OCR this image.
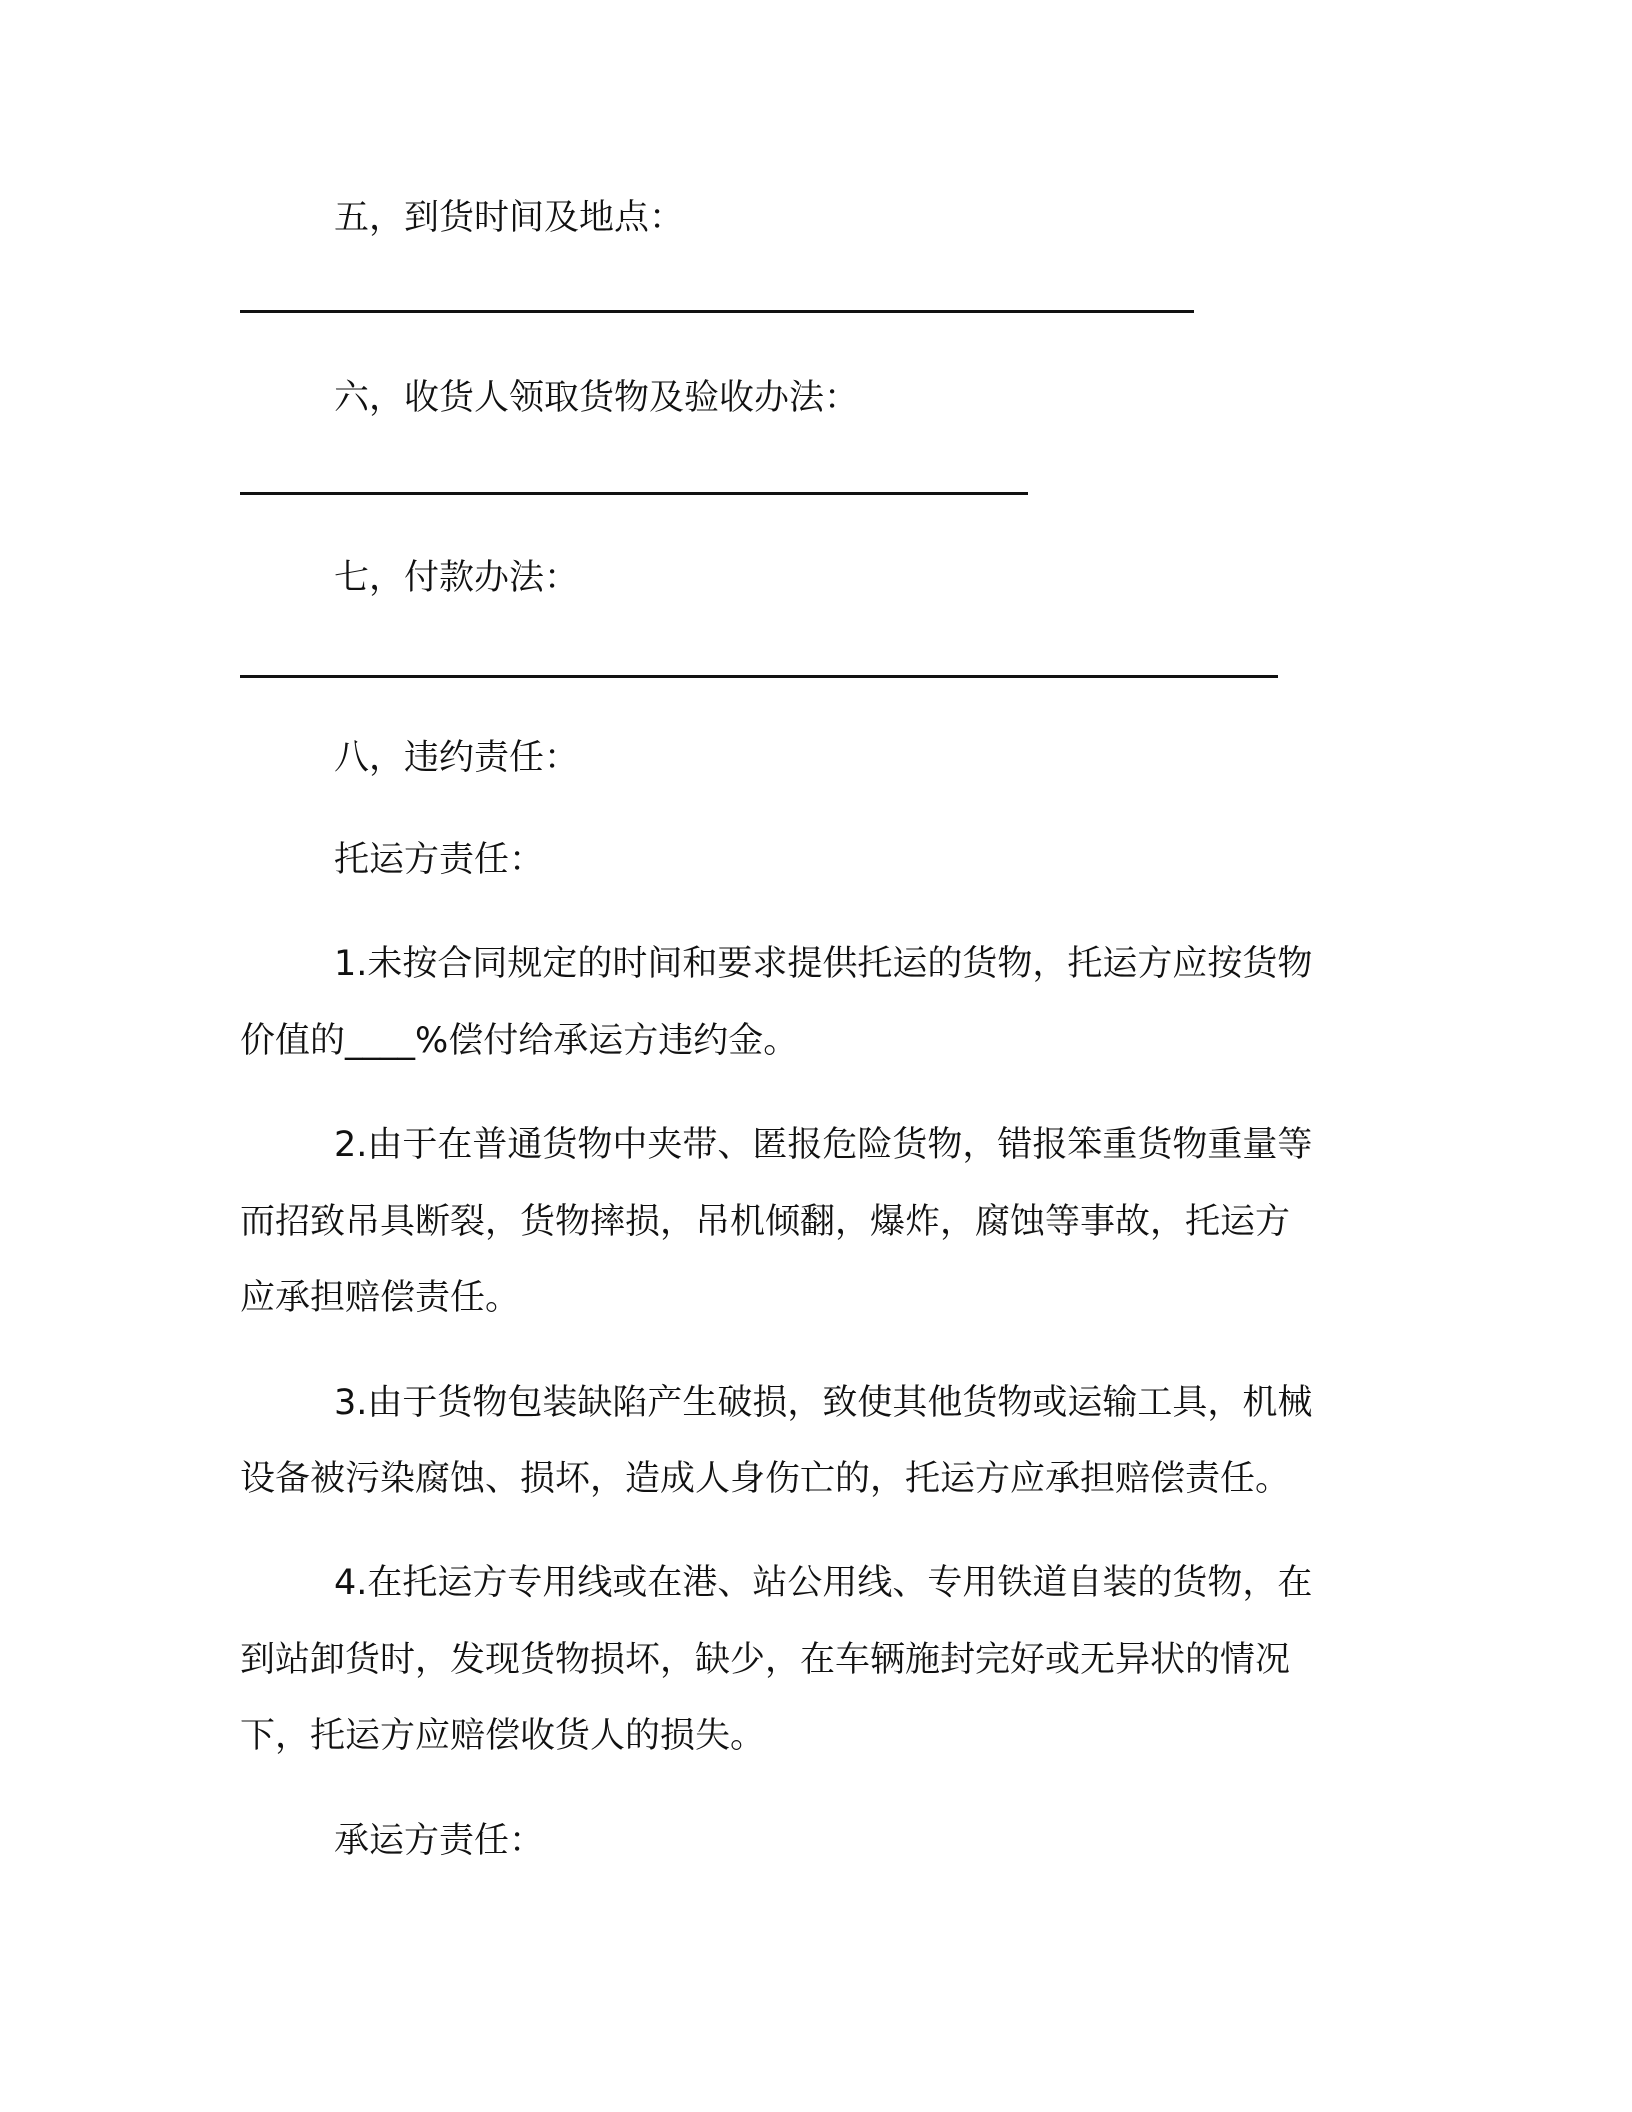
五，到货时间及地点：

六，收货人领取货物及验收办法：

七，付款办法：

八，违约责任：

托运方责任：

1.未按合同规定的时间和要求提供托运的货物，托运方应按货物

价值的____%偿付给承运方违约金。

2.由于在普通货物中夹带、匿报危险货物，错报笨重货物重量等

而招致吊具断裂，货物摔损，吊机倾翻，爆炸，腐蚀等事故，托运方

应承担赔偿责任。

3.由于货物包装缺陷产生破损，致使其他货物或运输工具，机械

设备被污染腐蚀、损坏，造成人身伤亡的，托运方应承担赔偿责任。

4.在托运方专用线或在港、站公用线、专用铁道自装的货物，在

到站卸货时，发现货物损坏，缺少，在车辆施封完好或无异状的情况

下，托运方应赔偿收货人的损失。

承运方责任：
